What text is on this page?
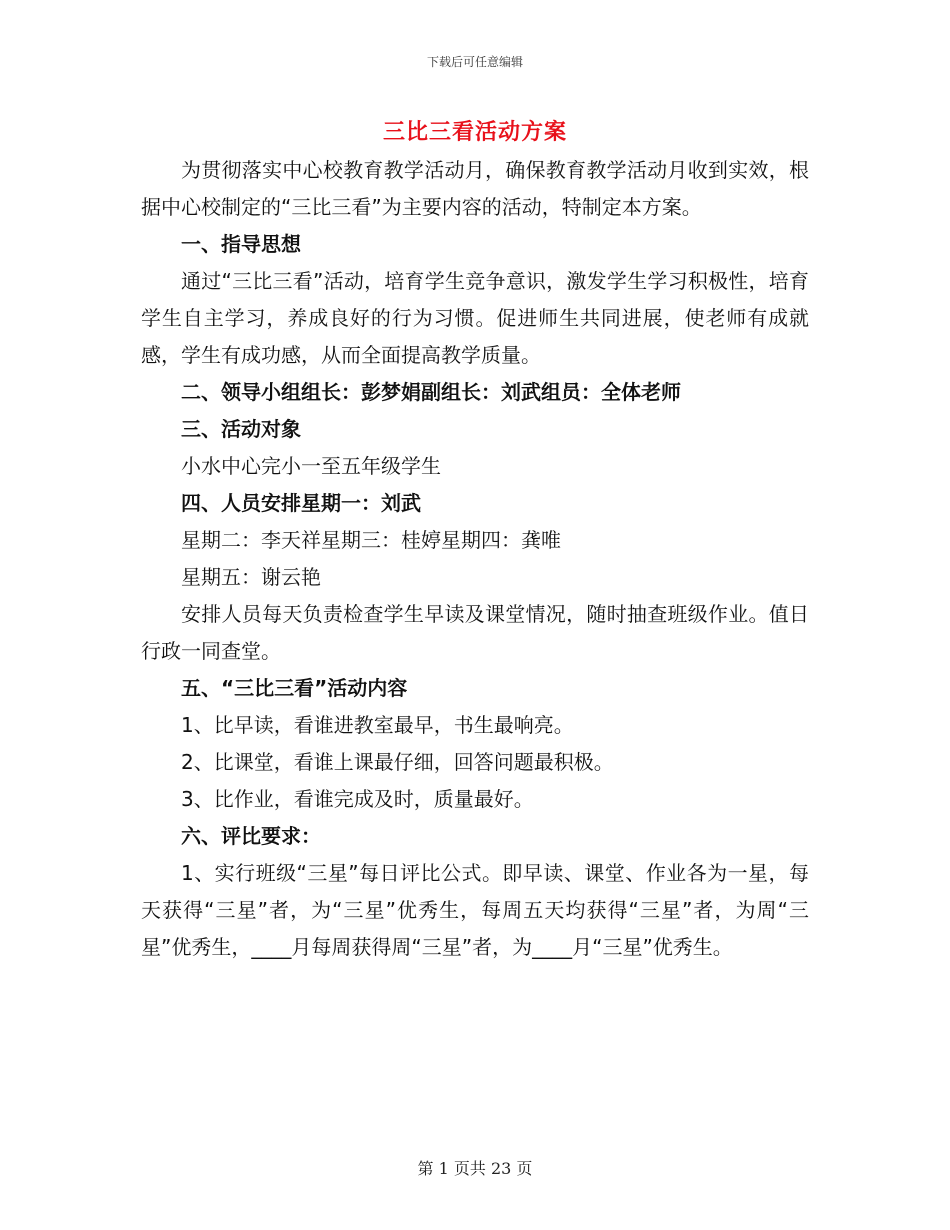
下载后可任意编辑
三比三看活动方案

为贯彻落实中心校教育教学活动月，确保教育教学活动月收到实效，根据中心校制定的“三比三看”为主要内容的活动，特制定本方案。

一、指导思想

通过“三比三看”活动，培育学生竞争意识，激发学生学习积极性，培育学生自主学习，养成良好的行为习惯。促进师生共同进展，使老师有成就感，学生有成功感，从而全面提高教学质量。

二、领导小组组长：彭梦娟副组长：刘武组员：全体老师

三、活动对象

小水中心完小一至五年级学生

四、人员安排星期一：刘武

星期二：李天祥星期三：桂婷星期四：龚唯

星期五：谢云艳

安排人员每天负责检查学生早读及课堂情况，随时抽查班级作业。值日行政一同查堂。

五、“三比三看”活动内容

1、比早读，看谁进教室最早，书生最响亮。

2、比课堂，看谁上课最仔细，回答问题最积极。

3、比作业，看谁完成及时，质量最好。

六、评比要求：

1、实行班级“三星”每日评比公式。即早读、课堂、作业各为一星，每天获得“三星”者，为“三星”优秀生，每周五天均获得“三星”者，为周“三星”优秀生，____月每周获得周“三星”者，为____月“三星”优秀生。

第 1 页共 23 页
